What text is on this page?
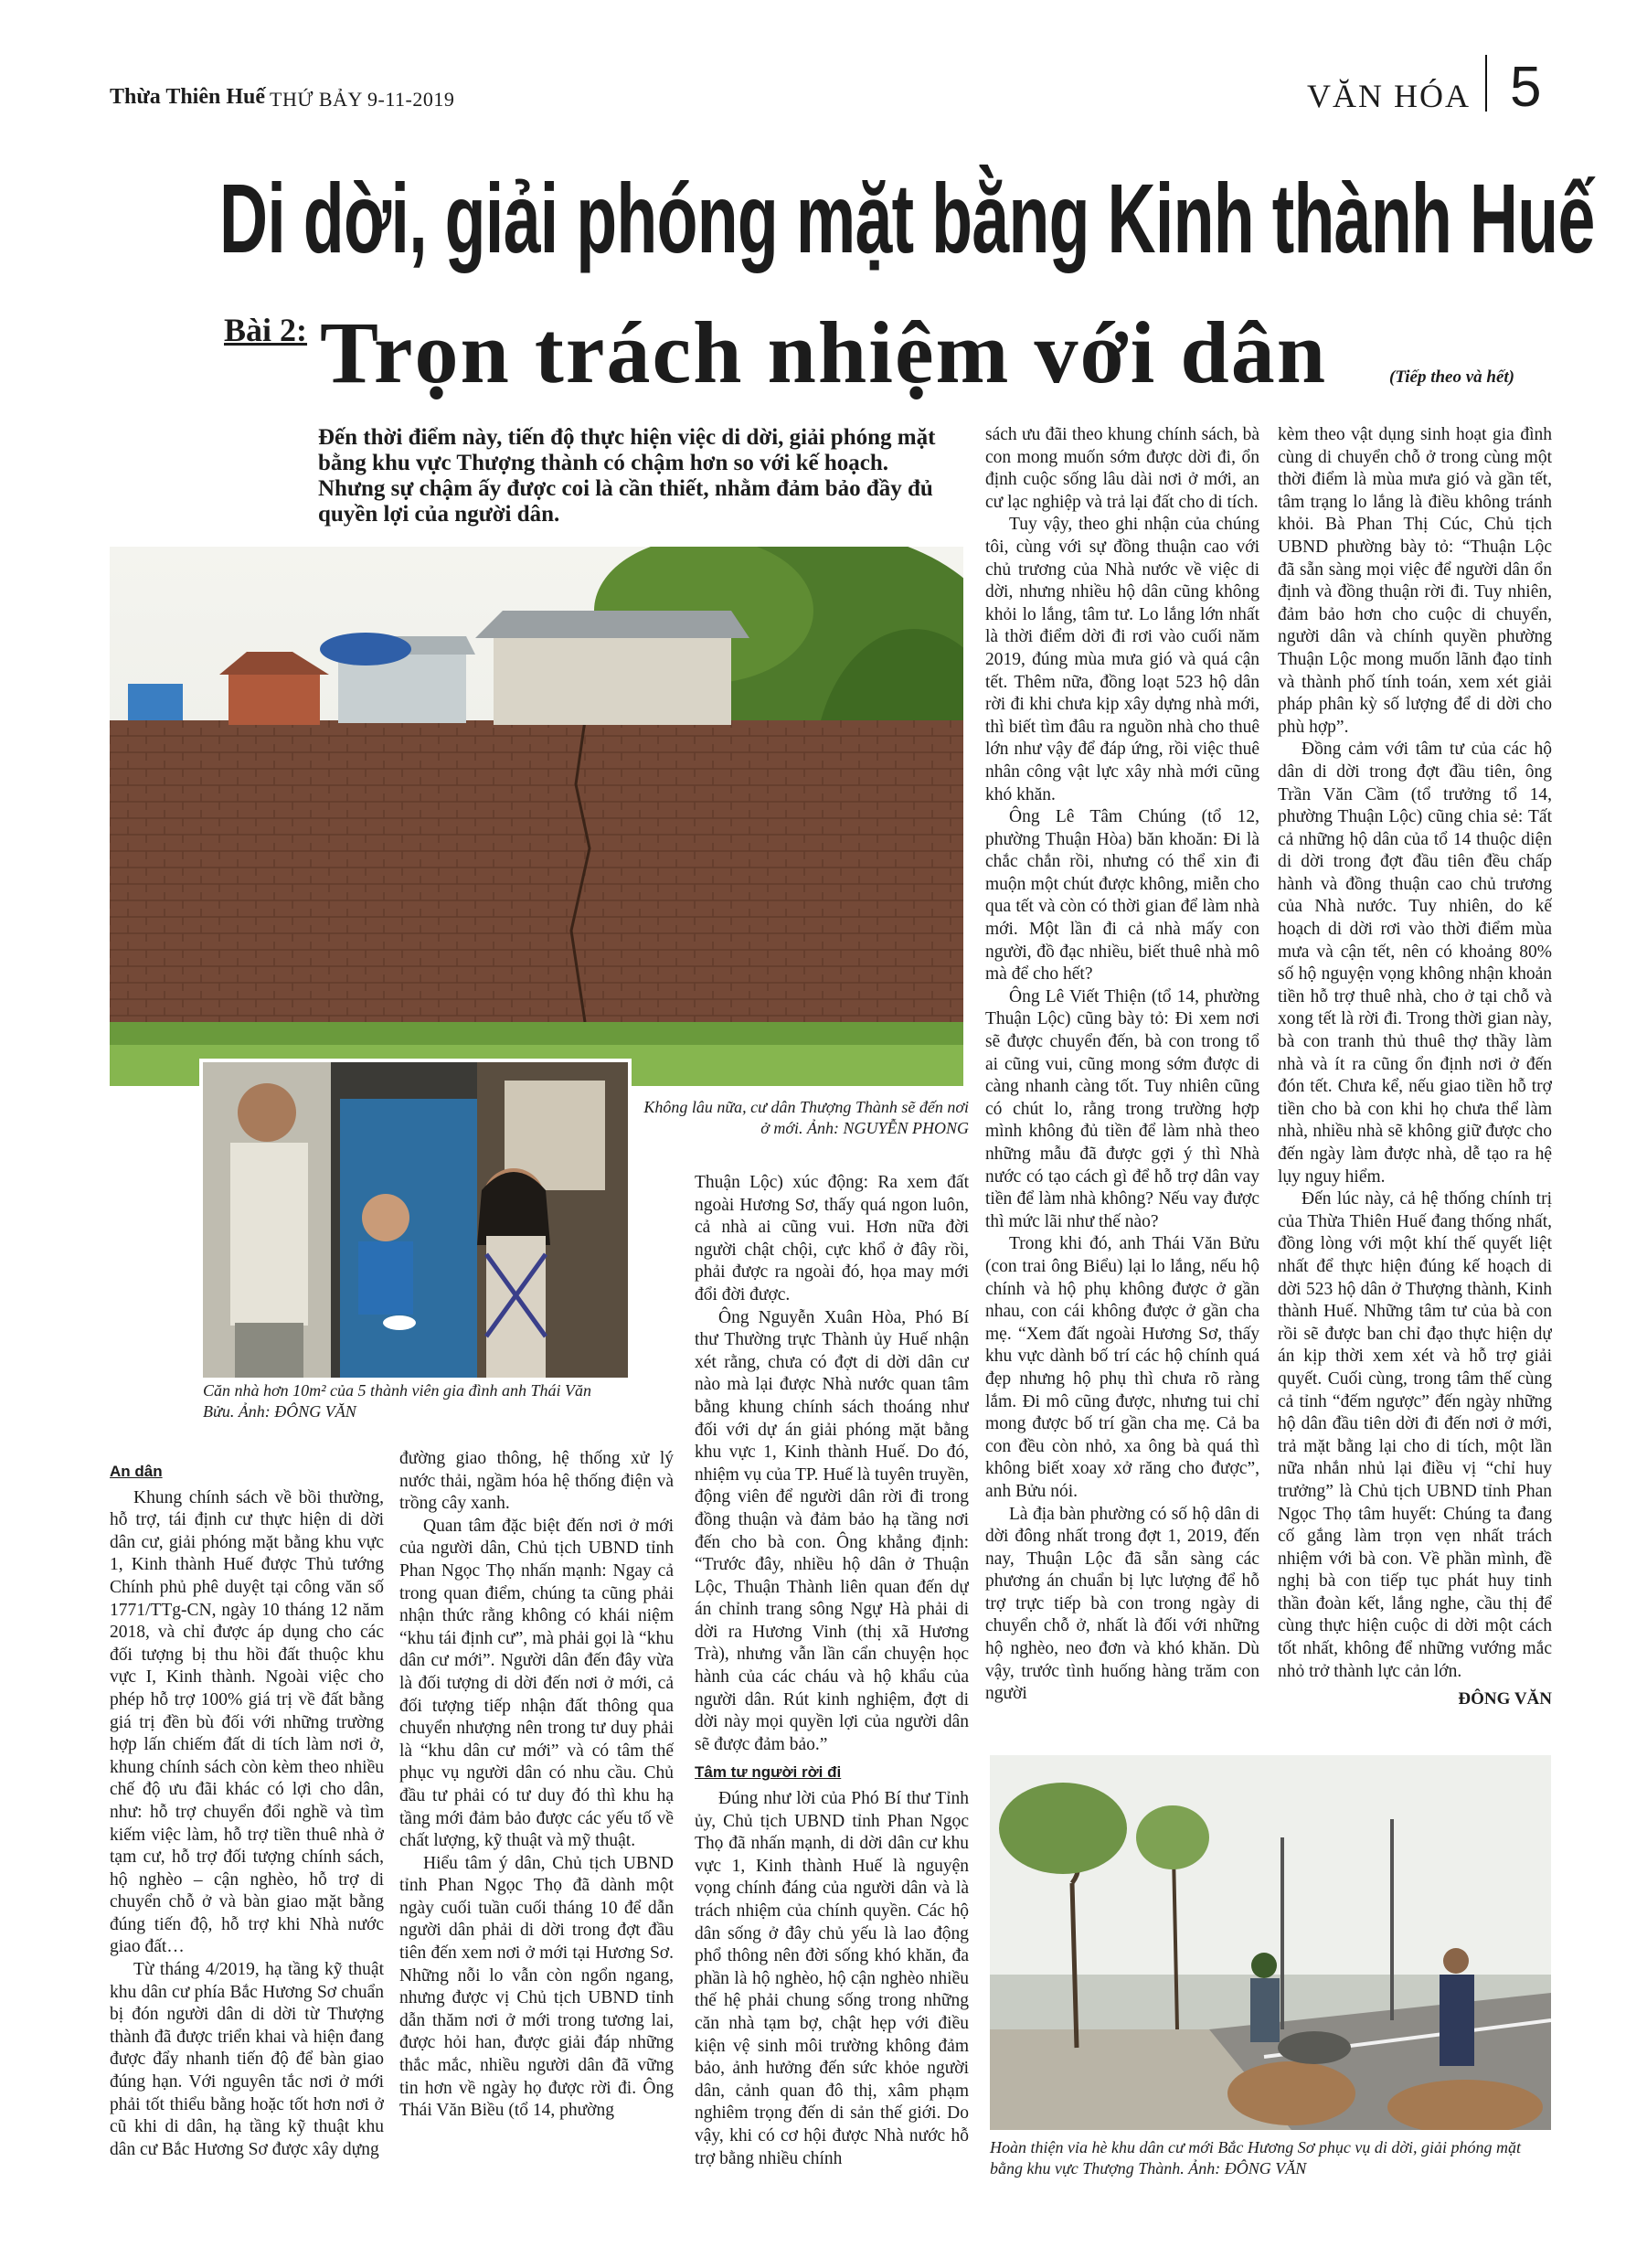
Thừa Thiên Huế THỨ BẢY 9-11-2019	VĂN HÓA 5
Di dời, giải phóng mặt bằng Kinh thành Huế
Bài 2: Trọn trách nhiệm với dân	(Tiếp theo và hết)
Đến thời điểm này, tiến độ thực hiện việc di dời, giải phóng mặt bằng khu vực Thượng thành có chậm hơn so với kế hoạch. Nhưng sự chậm ấy được coi là cần thiết, nhằm đảm bảo đầy đủ quyền lợi của người dân.
Không lâu nữa, cư dân Thượng Thành sẽ đến nơi ở mới. Ảnh: NGUYỄN PHONG
Căn nhà hơn 10m² của 5 thành viên gia đình anh Thái Văn Bửu. Ảnh: ĐÔNG VĂN
An dân

Khung chính sách về bồi thường, hỗ trợ, tái định cư thực hiện di dời dân cư, giải phóng mặt bằng khu vực 1, Kinh thành Huế được Thủ tướng Chính phủ phê duyệt tại công văn số 1771/TTg-CN, ngày 10 tháng 12 năm 2018, và chỉ được áp dụng cho các đối tượng bị thu hồi đất thuộc khu vực I, Kinh thành. Ngoài việc cho phép hỗ trợ 100% giá trị về đất bằng giá trị đền bù đối với những trường hợp lấn chiếm đất di tích làm nơi ở, khung chính sách còn kèm theo nhiều chế độ ưu đãi khác có lợi cho dân, như: hỗ trợ chuyển đổi nghề và tìm kiếm việc làm, hỗ trợ tiền thuê nhà ở tạm cư, hỗ trợ đối tượng chính sách, hộ nghèo – cận nghèo, hỗ trợ di chuyển chỗ ở và bàn giao mặt bằng đúng tiến độ, hỗ trợ khi Nhà nước giao đất…

Từ tháng 4/2019, hạ tầng kỹ thuật khu dân cư phía Bắc Hương Sơ chuẩn bị đón người dân di dời từ Thượng thành đã được triển khai và hiện đang được đẩy nhanh tiến độ để bàn giao đúng hạn. Với nguyên tắc nơi ở mới phải tốt thiểu bằng hoặc tốt hơn nơi ở cũ khi di dân, hạ tầng kỹ thuật khu dân cư Bắc Hương Sơ được xây dựng

đường giao thông, hệ thống xử lý nước thải, ngầm hóa hệ thống điện và trồng cây xanh.

Quan tâm đặc biệt đến nơi ở mới của người dân, Chủ tịch UBND tỉnh Phan Ngọc Thọ nhấn mạnh: Ngay cả trong quan điểm, chúng ta cũng phải nhận thức rằng không có khái niệm “khu tái định cư”, mà phải gọi là “khu dân cư mới”. Người dân đến đây vừa là đối tượng di dời đến nơi ở mới, cả đối tượng tiếp nhận đất thông qua chuyển nhượng nên trong tư duy phải là “khu dân cư mới” và có tâm thế phục vụ người dân có nhu cầu. Chủ đầu tư phải có tư duy đó thì khu hạ tầng mới đảm bảo được các yếu tố về chất lượng, kỹ thuật và mỹ thuật.

Hiểu tâm ý dân, Chủ tịch UBND tỉnh Phan Ngọc Thọ đã dành một ngày cuối tuần cuối tháng 10 để dẫn người dân phải di dời trong đợt đầu tiên đến xem nơi ở mới tại Hương Sơ. Những nỗi lo vẫn còn ngổn ngang, nhưng được vị Chủ tịch UBND tỉnh dẫn thăm nơi ở mới trong tương lai, được hỏi han, được giải đáp những thắc mắc, nhiều người dân đã vững tin hơn về ngày họ được rời đi. Ông Thái Văn Biều (tổ 14, phường

Thuận Lộc) xúc động: Ra xem đất ngoài Hương Sơ, thấy quá ngon luôn, cả nhà ai cũng vui. Hơn nữa đời người chật chội, cực khổ ở đây rồi, phải được ra ngoài đó, họa may mới đổi đời được.

Ông Nguyễn Xuân Hòa, Phó Bí thư Thường trực Thành ủy Huế nhận xét rằng, chưa có đợt di dời dân cư nào mà lại được Nhà nước quan tâm bằng khung chính sách thoáng như đối với dự án giải phóng mặt bằng khu vực 1, Kinh thành Huế. Do đó, nhiệm vụ của TP. Huế là tuyên truyền, động viên để người dân rời đi trong đồng thuận và đảm bảo hạ tầng nơi đến cho bà con. Ông khẳng định: “Trước đây, nhiều hộ dân ở Thuận Lộc, Thuận Thành liên quan đến dự án chỉnh trang sông Ngự Hà phải di dời ra Hương Vinh (thị xã Hương Trà), nhưng vẫn lần cẩn chuyện học hành của các cháu và hộ khẩu của người dân. Rút kinh nghiệm, đợt di dời này mọi quyền lợi của người dân sẽ được đảm bảo.”

Tâm tư người rời đi

Đúng như lời của Phó Bí thư Tỉnh ủy, Chủ tịch UBND tỉnh Phan Ngọc Thọ đã nhấn mạnh, di dời dân cư khu vực 1, Kinh thành Huế là nguyện vọng chính đáng của người dân và là trách nhiệm của chính quyền. Các hộ dân sống ở đây chủ yếu là lao động phổ thông nên đời sống khó khăn, đa phần là hộ nghèo, hộ cận nghèo nhiều thế hệ phải chung sống trong những căn nhà tạm bợ, chật hẹp với điều kiện vệ sinh môi trường không đảm bảo, ảnh hưởng đến sức khỏe người dân, cảnh quan đô thị, xâm phạm nghiêm trọng đến di sản thế giới. Do vậy, khi có cơ hội được Nhà nước hỗ trợ bằng nhiều chính

sách ưu đãi theo khung chính sách, bà con mong muốn sớm được dời đi, ổn định cuộc sống lâu dài nơi ở mới, an cư lạc nghiệp và trả lại đất cho di tích.

Tuy vậy, theo ghi nhận của chúng tôi, cùng với sự đồng thuận cao với chủ trương của Nhà nước về việc di dời, nhưng nhiều hộ dân cũng không khỏi lo lắng, tâm tư. Lo lắng lớn nhất là thời điểm dời đi rơi vào cuối năm 2019, đúng mùa mưa gió và quá cận tết. Thêm nữa, đồng loạt 523 hộ dân rời đi khi chưa kịp xây dựng nhà mới, thì biết tìm đâu ra nguồn nhà cho thuê lớn như vậy để đáp ứng, rồi việc thuê nhân công vật lực xây nhà mới cũng khó khăn.

Ông Lê Tâm Chúng (tổ 12, phường Thuận Hòa) băn khoăn: Đi là chắc chắn rồi, nhưng có thể xin đi muộn một chút được không, miễn cho qua tết và còn có thời gian để làm nhà mới. Một lần đi cả nhà mấy con người, đồ đạc nhiều, biết thuê nhà mô mà để cho hết?

Ông Lê Viết Thiện (tổ 14, phường Thuận Lộc) cũng bày tỏ: Đi xem nơi sẽ được chuyển đến, bà con trong tổ ai cũng vui, cũng mong sớm được di càng nhanh càng tốt. Tuy nhiên cũng có chút lo, rằng trong trường hợp mình không đủ tiền để làm nhà theo những mẫu đã được gợi ý thì Nhà nước có tạo cách gì để hỗ trợ dân vay tiền để làm nhà không? Nếu vay được thì mức lãi như thế nào?

Trong khi đó, anh Thái Văn Bửu (con trai ông Biểu) lại lo lắng, nếu hộ chính và hộ phụ không được ở gần nhau, con cái không được ở gần cha mẹ. “Xem đất ngoài Hương Sơ, thấy khu vực dành bố trí các hộ chính quá đẹp nhưng hộ phụ thì chưa rõ ràng lắm. Đi mô cũng được, nhưng tui chỉ mong được bố trí gần cha mẹ. Cả ba con đều còn nhỏ, xa ông bà quá thì không biết xoay xở răng cho được”, anh Bửu nói.

Là địa bàn phường có số hộ dân di dời đông nhất trong đợt 1, 2019, đến nay, Thuận Lộc đã sẵn sàng các phương án chuẩn bị lực lượng để hỗ trợ trực tiếp bà con trong ngày di chuyển chỗ ở, nhất là đối với những hộ nghèo, neo đơn và khó khăn. Dù vậy, trước tình huống hàng trăm con người

kèm theo vật dụng sinh hoạt gia đình cùng di chuyển chỗ ở trong cùng một thời điểm là mùa mưa gió và gần tết, tâm trạng lo lắng là điều không tránh khỏi. Bà Phan Thị Cúc, Chủ tịch UBND phường bày tỏ: “Thuận Lộc đã sẵn sàng mọi việc để người dân ổn định và đồng thuận rời đi. Tuy nhiên, đảm bảo hơn cho cuộc di chuyển, người dân và chính quyền phường Thuận Lộc mong muốn lãnh đạo tỉnh và thành phố tính toán, xem xét giải pháp phân kỳ số lượng để di dời cho phù hợp”.

Đồng cảm với tâm tư của các hộ dân di dời trong đợt đầu tiên, ông Trần Văn Cầm (tổ trưởng tổ 14, phường Thuận Lộc) cũng chia sẻ: Tất cả những hộ dân của tổ 14 thuộc diện di dời trong đợt đầu tiên đều chấp hành và đồng thuận cao chủ trương của Nhà nước. Tuy nhiên, do kế hoạch di dời rơi vào thời điểm mùa mưa và cận tết, nên có khoảng 80% số hộ nguyện vọng không nhận khoản tiền hỗ trợ thuê nhà, cho ở tại chỗ và xong tết là rời đi. Trong thời gian này, bà con tranh thủ thuê thợ thầy làm nhà và ít ra cũng ổn định nơi ở đến đón tết. Chưa kể, nếu giao tiền hỗ trợ tiền cho bà con khi họ chưa thể làm nhà, nhiều nhà sẽ không giữ được cho đến ngày làm được nhà, dễ tạo ra hệ lụy nguy hiểm.

Đến lúc này, cả hệ thống chính trị của Thừa Thiên Huế đang thống nhất, đồng lòng với một khí thế quyết liệt nhất để thực hiện đúng kế hoạch di dời 523 hộ dân ở Thượng thành, Kinh thành Huế. Những tâm tư của bà con rồi sẽ được ban chỉ đạo thực hiện dự án kịp thời xem xét và hỗ trợ giải quyết. Cuối cùng, trong tâm thế cùng cả tỉnh “đếm ngược” đến ngày những hộ dân đầu tiên dời đi đến nơi ở mới, trả mặt bằng lại cho di tích, một lần nữa nhắn nhủ lại điều vị “chỉ huy trưởng” là Chủ tịch UBND tỉnh Phan Ngọc Thọ tâm huyết: Chúng ta đang cố gắng làm trọn vẹn nhất trách nhiệm với bà con. Về phần mình, đề nghị bà con tiếp tục phát huy tinh thần đoàn kết, lắng nghe, cầu thị để cùng thực hiện cuộc di dời một cách tốt nhất, không để những vướng mắc nhỏ trở thành lực cản lớn.

ĐÔNG VĂN
Hoàn thiện vỉa hè khu dân cư mới Bắc Hương Sơ phục vụ di dời, giải phóng mặt bằng khu vực Thượng Thành. Ảnh: ĐÔNG VĂN
